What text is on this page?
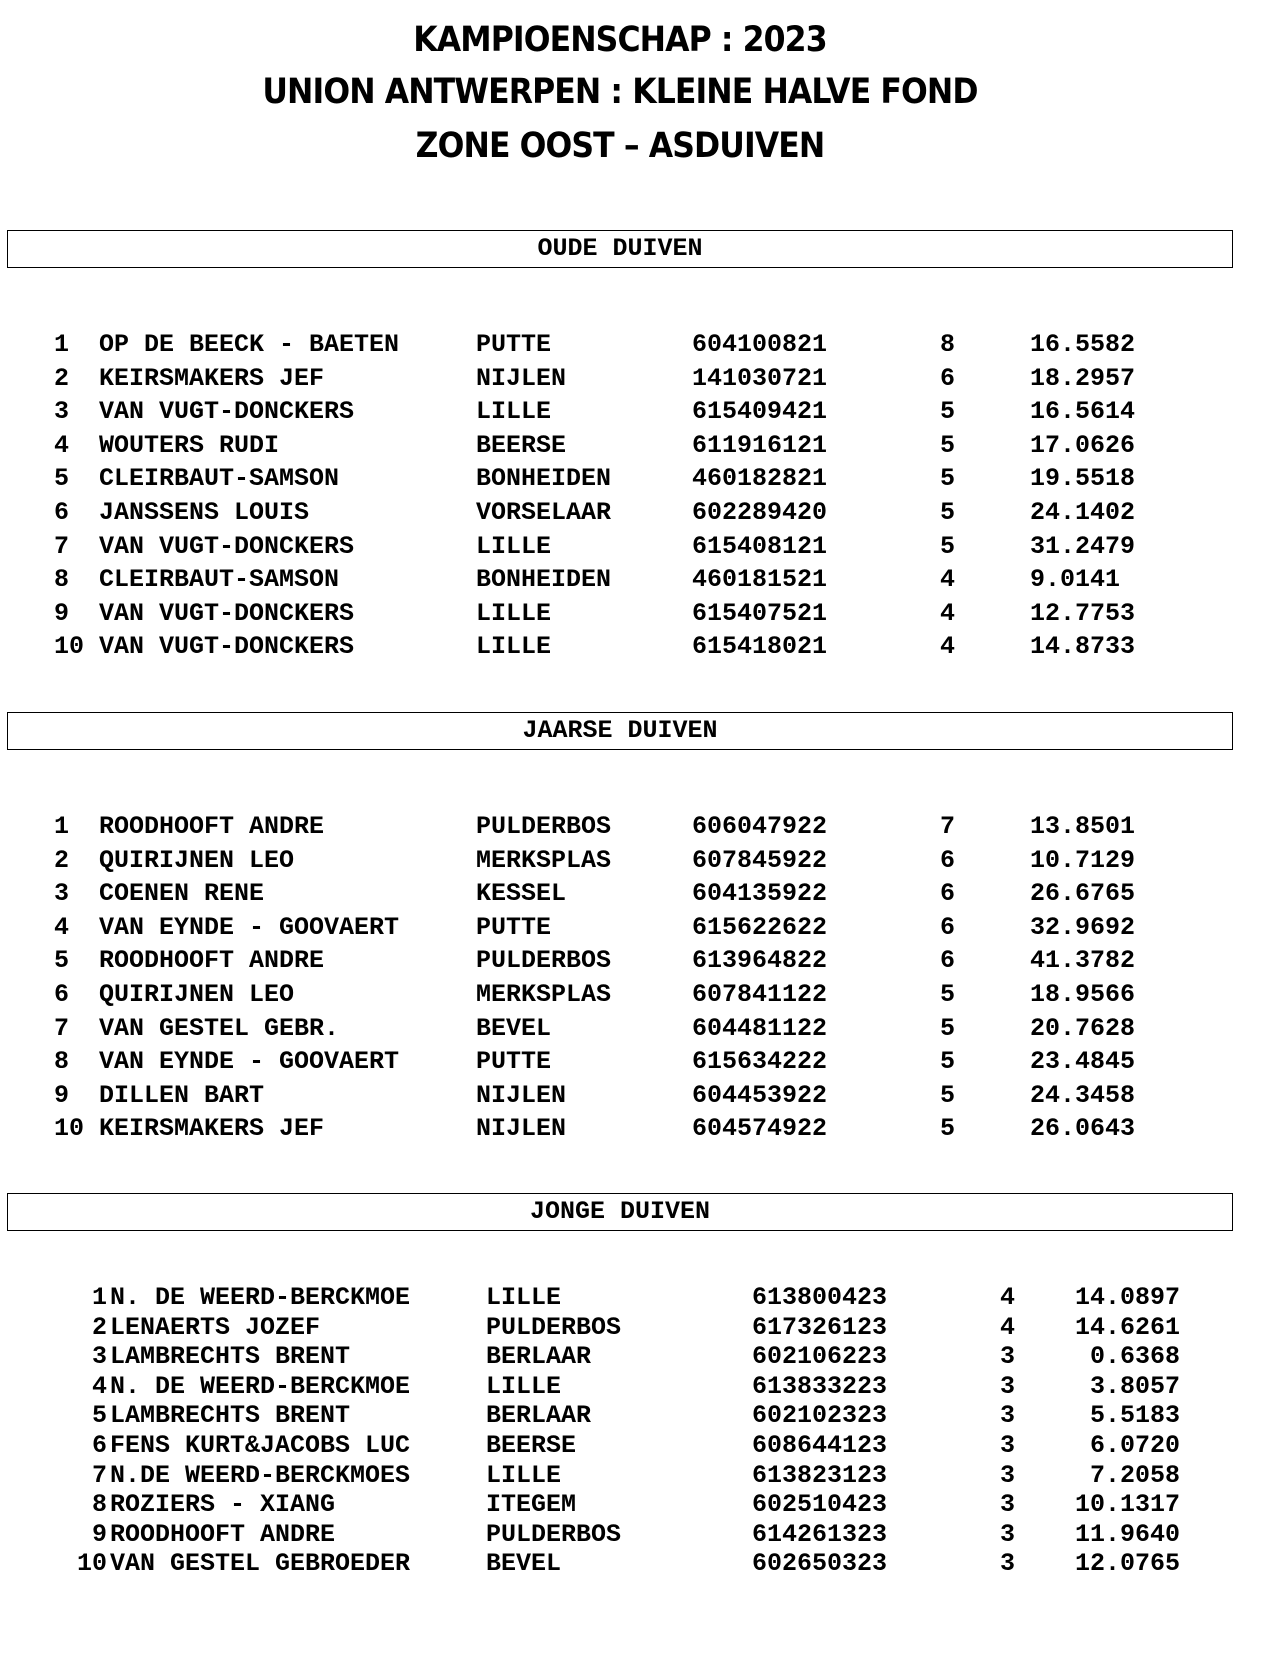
KAMPIOENSCHAP : 2023
UNION ANTWERPEN : KLEINE HALVE FOND
ZONE OOST – ASDUIVEN
OUDE DUIVEN
1	OP DE BEECK - BAETEN	PUTTE	604100821	8	16.5582
2	KEIRSMAKERS JEF	NIJLEN	141030721	6	18.2957
3	VAN VUGT-DONCKERS	LILLE	615409421	5	16.5614
4	WOUTERS RUDI	BEERSE	611916121	5	17.0626
5	CLEIRBAUT-SAMSON	BONHEIDEN	460182821	5	19.5518
6	JANSSENS LOUIS	VORSELAAR	602289420	5	24.1402
7	VAN VUGT-DONCKERS	LILLE	615408121	5	31.2479
8	CLEIRBAUT-SAMSON	BONHEIDEN	460181521	4	9.0141
9	VAN VUGT-DONCKERS	LILLE	615407521	4	12.7753
10 VAN VUGT-DONCKERS	LILLE	615418021	4	14.8733
JAARSE DUIVEN
1	ROODHOOFT ANDRE	PULDERBOS	606047922	7	13.8501
2	QUIRIJNEN LEO	MERKSPLAS	607845922	6	10.7129
3	COENEN RENE	KESSEL	604135922	6	26.6765
4	VAN EYNDE - GOOVAERT	PUTTE	615622622	6	32.9692
5	ROODHOOFT ANDRE	PULDERBOS	613964822	6	41.3782
6	QUIRIJNEN LEO	MERKSPLAS	607841122	5	18.9566
7	VAN GESTEL GEBR.	BEVEL	604481122	5	20.7628
8	VAN EYNDE - GOOVAERT	PUTTE	615634222	5	23.4845
9	DILLEN BART	NIJLEN	604453922	5	24.3458
10 KEIRSMAKERS JEF	NIJLEN	604574922	5	26.0643
JONGE DUIVEN
1 N. DE WEERD-BERCKMOE	LILLE	613800423	4	14.0897
2 LENAERTS JOZEF	PULDERBOS	617326123	4	14.6261
3 LAMBRECHTS BRENT	BERLAAR	602106223	3	0.6368
4 N. DE WEERD-BERCKMOE	LILLE	613833223	3	3.8057
5 LAMBRECHTS BRENT	BERLAAR	602102323	3	5.5183
6 FENS KURT&JACOBS LUC	BEERSE	608644123	3	6.0720
7 N.DE WEERD-BERCKMOES	LILLE	613823123	3	7.2058
8 ROZIERS - XIANG	ITEGEM	602510423	3	10.1317
9 ROODHOOFT ANDRE	PULDERBOS	614261323	3	11.9640
10 VAN GESTEL GEBROEDER	BEVEL	602650323	3	12.0765
